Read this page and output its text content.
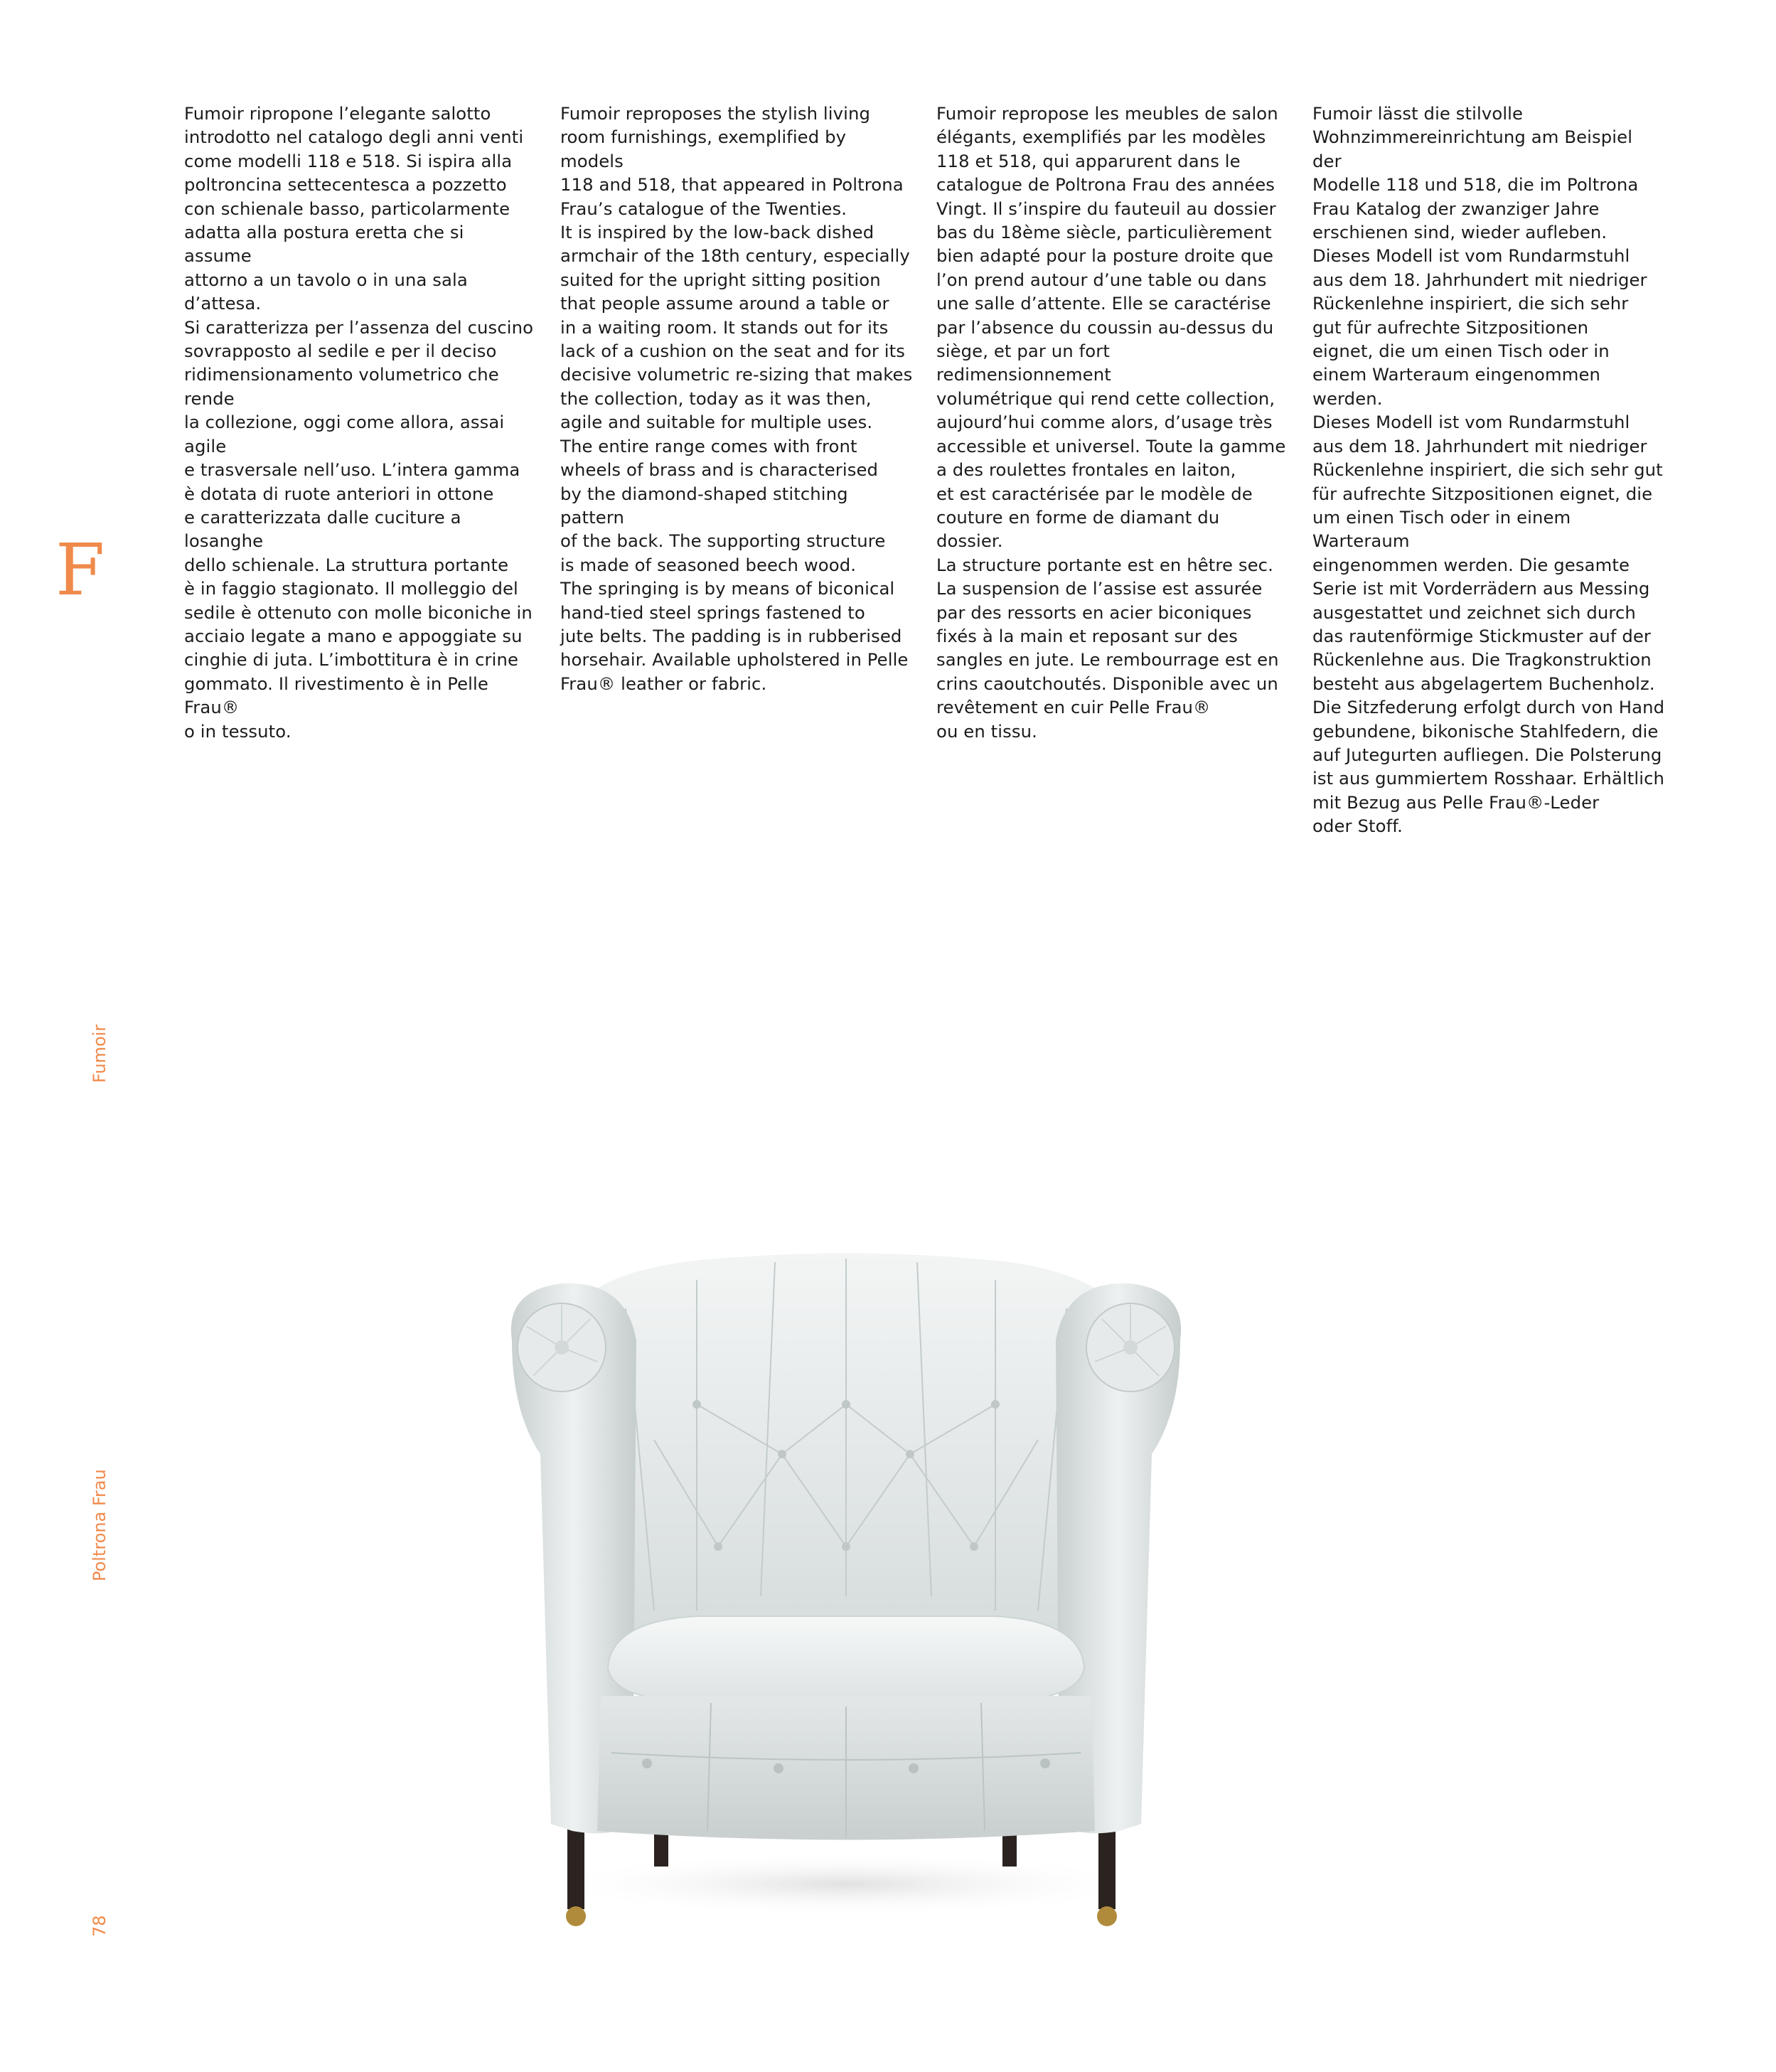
Fumoir ripropone l’elegante salotto
introdotto nel catalogo degli anni venti
come modelli 118 e 518. Si ispira alla
poltroncina settecentesca a pozzetto
con schienale basso, particolarmente
adatta alla postura eretta che si assume
attorno a un tavolo o in una sala d’attesa.
Si caratterizza per l’assenza del cuscino
sovrapposto al sedile e per il deciso
ridimensionamento volumetrico che rende
la collezione, oggi come allora, assai agile
e trasversale nell’uso. L’intera gamma
è dotata di ruote anteriori in ottone
e caratterizzata dalle cuciture a losanghe
dello schienale. La struttura portante
è in faggio stagionato. Il molleggio del
sedile è ottenuto con molle biconiche in
acciaio legate a mano e appoggiate su
cinghie di juta. L’imbottitura è in crine
gommato. Il rivestimento è in Pelle Frau®
o in tessuto.

Fumoir reproposes the stylish living
room furnishings, exemplified by models
118 and 518, that appeared in Poltrona
Frau’s catalogue of the Twenties.
It is inspired by the low-back dished
armchair of the 18th century, especially
suited for the upright sitting position
that people assume around a table or
in a waiting room. It stands out for its
lack of a cushion on the seat and for its
decisive volumetric re-sizing that makes
the collection, today as it was then,
agile and suitable for multiple uses.
The entire range comes with front
wheels of brass and is characterised
by the diamond-shaped stitching pattern
of the back. The supporting structure
is made of seasoned beech wood.
The springing is by means of biconical
hand-tied steel springs fastened to
jute belts. The padding is in rubberised
horsehair. Available upholstered in Pelle
Frau® leather or fabric.

Fumoir repropose les meubles de salon
élégants, exemplifiés par les modèles
118 et 518, qui apparurent dans le
catalogue de Poltrona Frau des années
Vingt. Il s’inspire du fauteuil au dossier
bas du 18ème siècle, particulièrement
bien adapté pour la posture droite que
l’on prend autour d’une table ou dans
une salle d’attente. Elle se caractérise
par l’absence du coussin au-dessus du
siège, et par un fort redimensionnement
volumétrique qui rend cette collection,
aujourd’hui comme alors, d’usage très
accessible et universel. Toute la gamme
a des roulettes frontales en laiton,
et est caractérisée par le modèle de
couture en forme de diamant du dossier.
La structure portante est en hêtre sec.
La suspension de l’assise est assurée
par des ressorts en acier biconiques
fixés à la main et reposant sur des
sangles en jute. Le rembourrage est en
crins caoutchoutés. Disponible avec un
revêtement en cuir Pelle Frau®
ou en tissu.

Fumoir lässt die stilvolle
Wohnzimmereinrichtung am Beispiel der
Modelle 118 und 518, die im Poltrona
Frau Katalog der zwanziger Jahre
erschienen sind, wieder aufleben.
Dieses Modell ist vom Rundarmstuhl
aus dem 18. Jahrhundert mit niedriger
Rückenlehne inspiriert, die sich sehr
gut für aufrechte Sitzpositionen
eignet, die um einen Tisch oder in
einem Warteraum eingenommen werden.
Dieses Modell ist vom Rundarmstuhl
aus dem 18. Jahrhundert mit niedriger
Rückenlehne inspiriert, die sich sehr gut
für aufrechte Sitzpositionen eignet, die
um einen Tisch oder in einem Warteraum
eingenommen werden. Die gesamte
Serie ist mit Vorderrädern aus Messing
ausgestattet und zeichnet sich durch
das rautenförmige Stickmuster auf der
Rückenlehne aus. Die Tragkonstruktion
besteht aus abgelagertem Buchenholz.
Die Sitzfederung erfolgt durch von Hand
gebundene, bikonische Stahlfedern, die
auf Jutegurten aufliegen. Die Polsterung
ist aus gummiertem Rosshaar. Erhältlich
mit Bezug aus Pelle Frau®-Leder
oder Stoff.

F
Fumoir
Poltrona Frau
78
